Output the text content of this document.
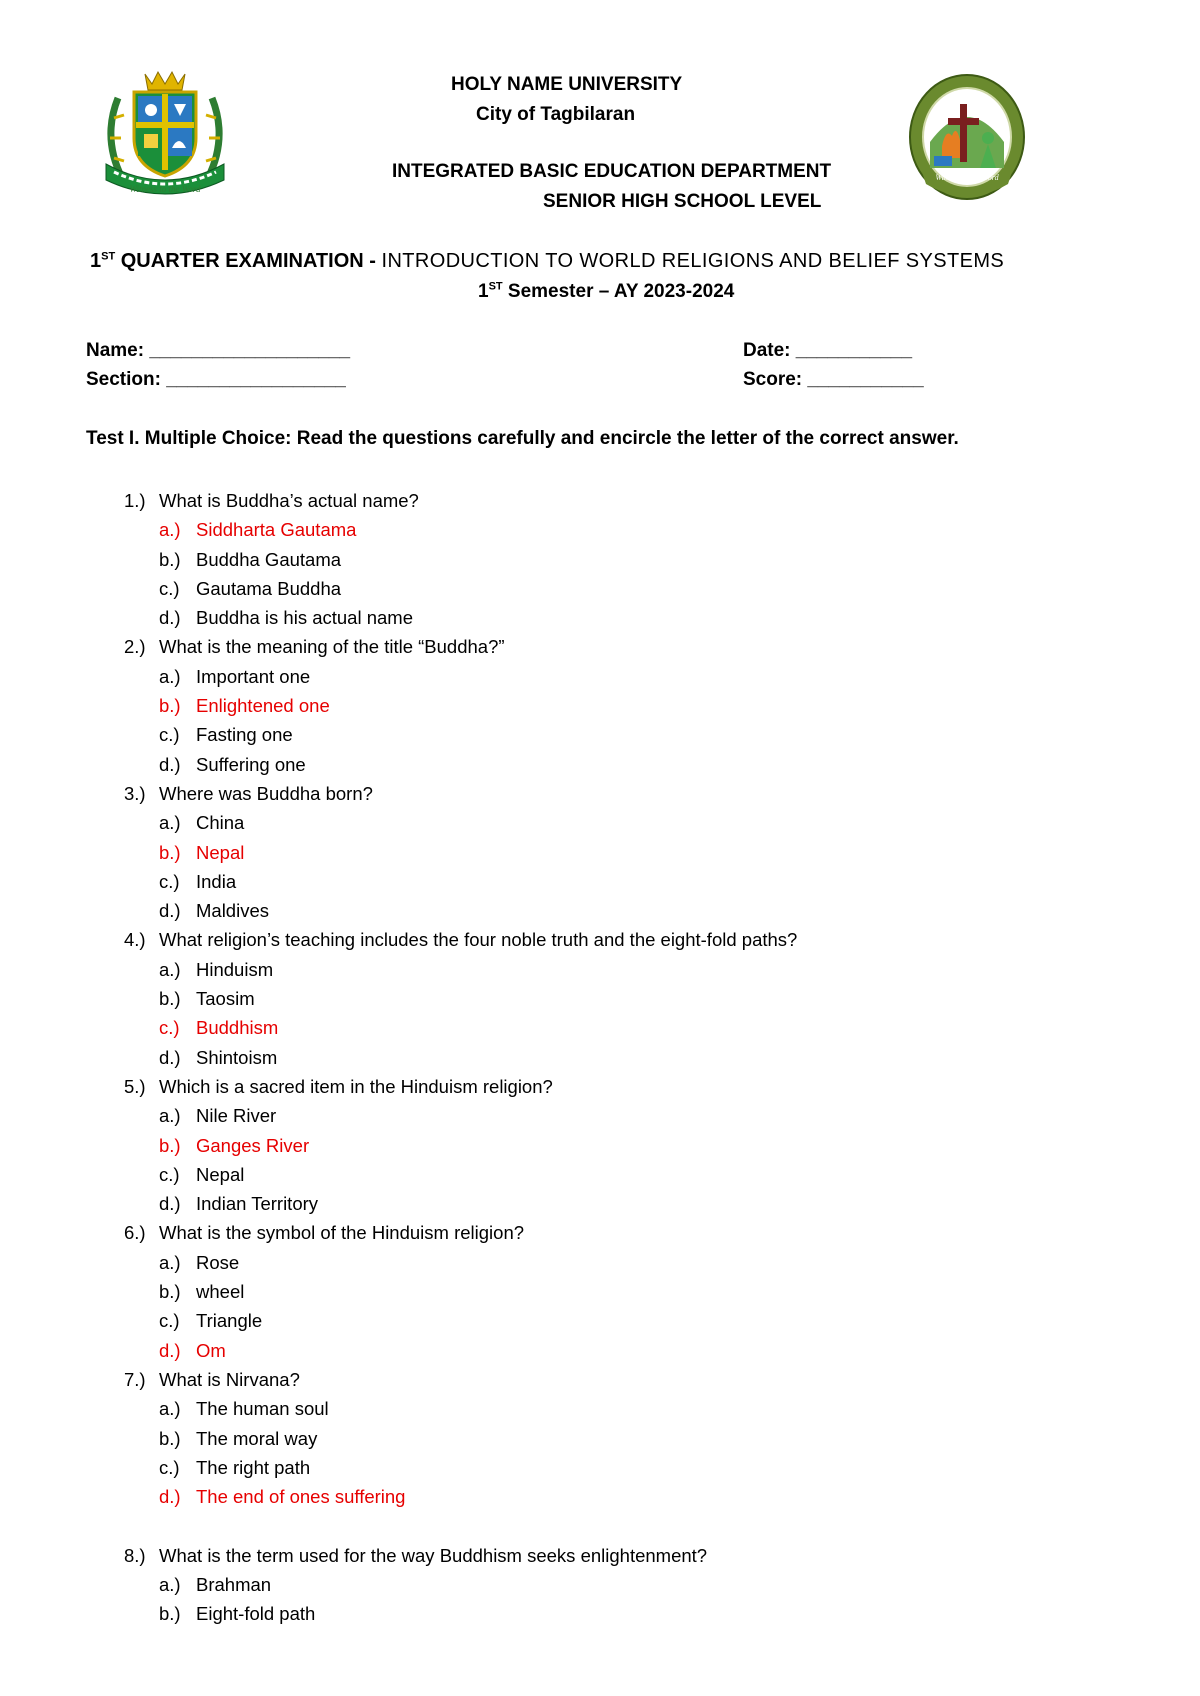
Witness to the Word
HOLY NAME UNIVERSITY
City of Tagbilaran
INTEGRATED BASIC EDUCATION DEPARTMENT
SENIOR HIGH SCHOOL LEVEL
Witness to the Word
1ST QUARTER EXAMINATION - INTRODUCTION TO WORLD RELIGIONS AND BELIEF SYSTEMS
1ST Semester – AY 2023-2024
Name: ___________________
Section: _________________
Date: ___________
Score: ___________
Test I. Multiple Choice: Read the questions carefully and encircle the letter of the correct answer.
1.) What is Buddha’s actual name?
a.) Siddharta Gautama
b.) Buddha Gautama
c.) Gautama Buddha
d.) Buddha is his actual name
2.) What is the meaning of the title “Buddha?”
a.) Important one
b.) Enlightened one
c.) Fasting one
d.) Suffering one
3.) Where was Buddha born?
a.) China
b.) Nepal
c.) India
d.) Maldives
4.) What religion’s teaching includes the four noble truth and the eight-fold paths?
a.) Hinduism
b.) Taosim
c.) Buddhism
d.) Shintoism
5.) Which is a sacred item in the Hinduism religion?
a.) Nile River
b.) Ganges River
c.) Nepal
d.) Indian Territory
6.) What is the symbol of the Hinduism religion?
a.) Rose
b.) wheel
c.) Triangle
d.) Om
7.) What is Nirvana?
a.) The human soul
b.) The moral way
c.) The right path
d.) The end of ones suffering
8.) What is the term used for the way Buddhism seeks enlightenment?
a.) Brahman
b.) Eight-fold path
